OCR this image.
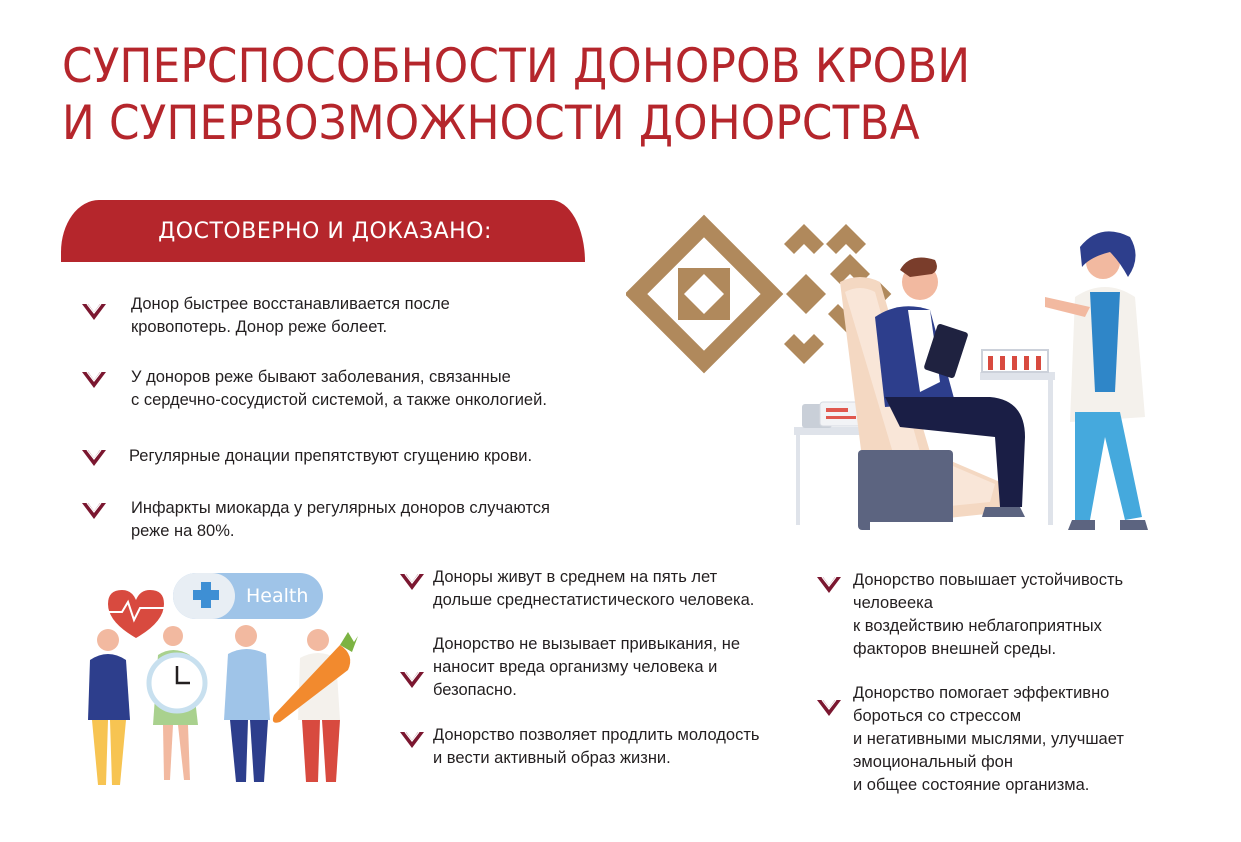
СУПЕРСПОСОБНОСТИ ДОНОРОВ КРОВИ
И СУПЕРВОЗМОЖНОСТИ ДОНОРСТВА
ДОСТОВЕРНО И ДОКАЗАНО:
Донор быстрее восстанавливается после
кровопотерь. Донор реже болеет.
У доноров реже бывают заболевания, связанные
с сердечно-сосудистой системой, а также онкологией.
Регулярные донации препятствуют сгущению крови.
Инфаркты миокарда у регулярных доноров случаются
реже на 80%.
Доноры живут в среднем на пять лет
дольше среднестатистического человека.
Донорство не вызывает привыкания, не
наносит вреда организму человека и
безопасно.
Донорство позволяет продлить молодость
и вести активный образ жизни.
Донорство повышает устойчивость
человеека
к воздействию неблагоприятных
факторов внешней среды.
Донорство помогает эффективно
бороться со стрессом
и негативными мыслями, улучшает
эмоциональный фон
и общее состояние организма.
Health
